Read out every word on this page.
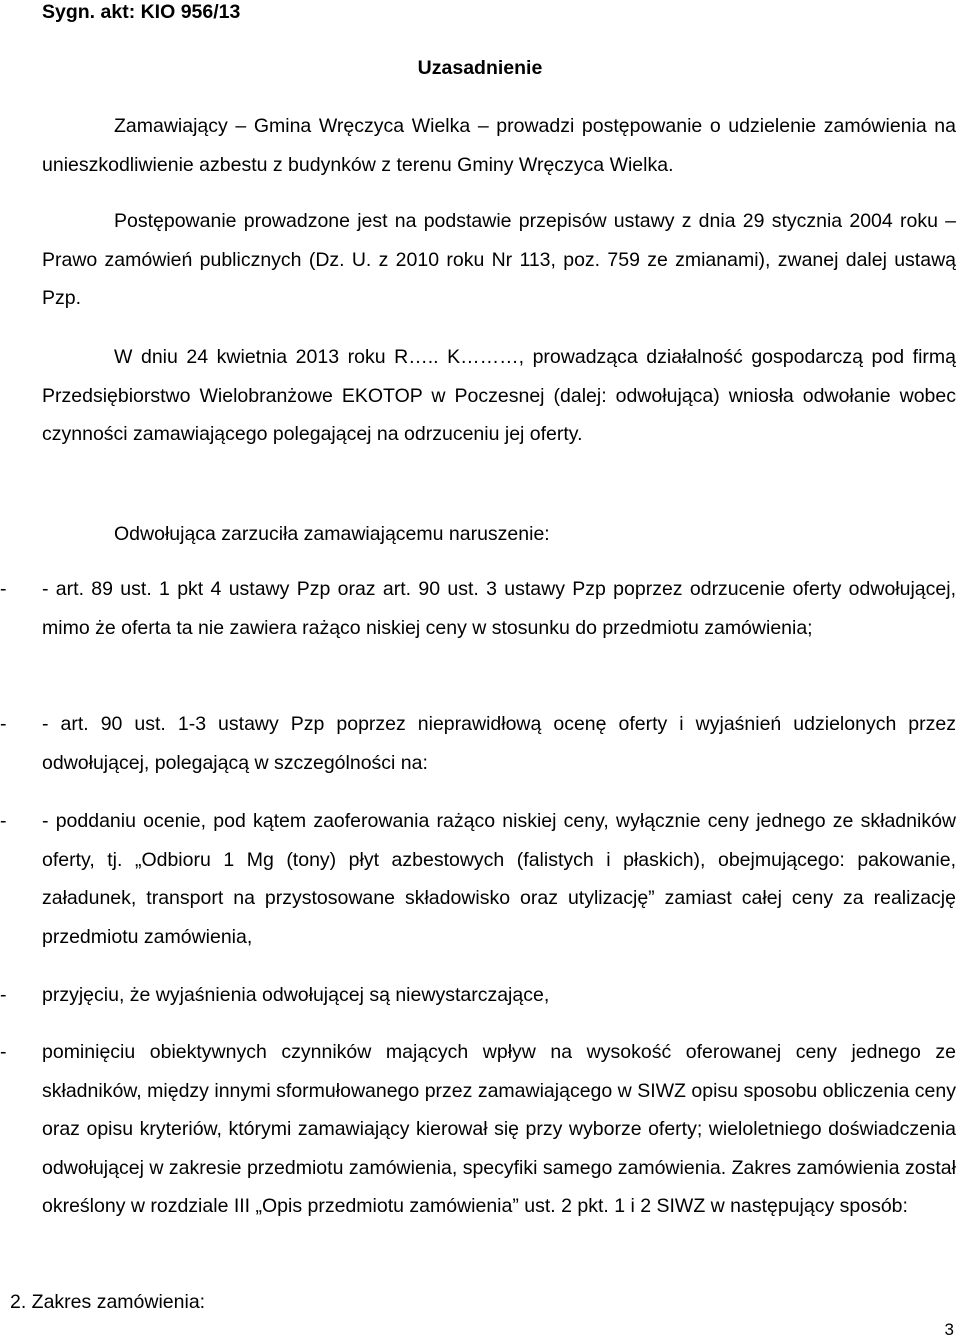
Sygn. akt: KIO 956/13
Uzasadnienie
Zamawiający – Gmina Wręczyca Wielka – prowadzi postępowanie o udzielenie zamówienia na unieszkodliwienie azbestu z budynków z terenu Gminy Wręczyca Wielka.
Postępowanie prowadzone jest na podstawie przepisów ustawy z dnia 29 stycznia 2004 roku – Prawo zamówień publicznych (Dz. U. z 2010 roku Nr 113, poz. 759 ze zmianami), zwanej dalej ustawą Pzp.
W dniu 24 kwietnia 2013 roku R….. K………, prowadząca działalność gospodarczą pod firmą Przedsiębiorstwo Wielobranżowe EKOTOP w Poczesnej (dalej: odwołująca) wniosła odwołanie wobec czynności zamawiającego polegającej na odrzuceniu jej oferty.
Odwołująca zarzuciła zamawiającemu naruszenie:
- - art. 89 ust. 1 pkt 4 ustawy Pzp oraz art. 90 ust. 3 ustawy Pzp poprzez odrzucenie oferty odwołującej, mimo że oferta ta nie zawiera rażąco niskiej ceny w stosunku do przedmiotu zamówienia;
- - art. 90 ust. 1-3 ustawy Pzp poprzez nieprawidłową ocenę oferty i wyjaśnień udzielonych przez odwołującej, polegającą w szczególności na:
- - poddaniu ocenie, pod kątem zaoferowania rażąco niskiej ceny, wyłącznie ceny jednego ze składników oferty, tj. „Odbioru 1 Mg (tony) płyt azbestowych (falistych i płaskich), obejmującego: pakowanie, załadunek, transport na przystosowane składowisko oraz utylizację” zamiast całej ceny za realizację przedmiotu zamówienia,
- przyjęciu, że wyjaśnienia odwołującej są niewystarczające,
- pominięciu obiektywnych czynników mających wpływ na wysokość oferowanej ceny jednego ze składników, między innymi sformułowanego przez zamawiającego w SIWZ opisu sposobu obliczenia ceny oraz opisu kryteriów, którymi zamawiający kierował się przy wyborze oferty; wieloletniego doświadczenia odwołującej w zakresie przedmiotu zamówienia, specyfiki samego zamówienia. Zakres zamówienia został określony w rozdziale III „Opis przedmiotu zamówienia” ust. 2 pkt. 1 i 2 SIWZ w następujący sposób:
2. Zakres zamówienia:
3
